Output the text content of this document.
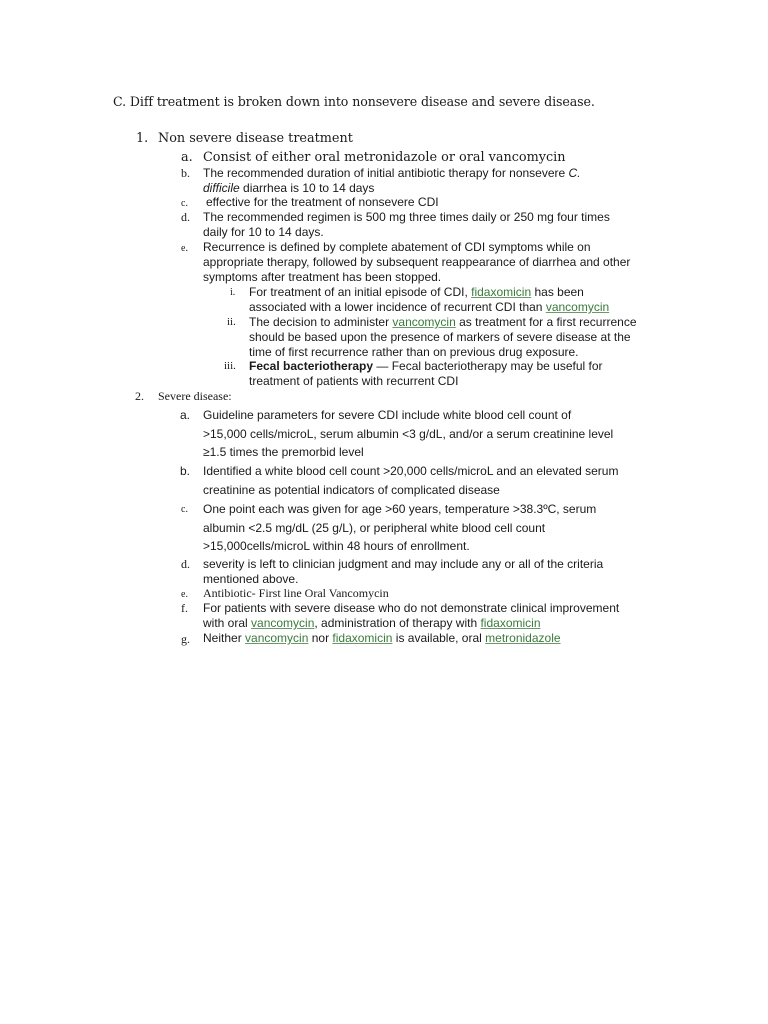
C. Diff treatment is broken down into nonsevere disease and severe disease.
1. Non severe disease treatment
a. Consist of either oral metronidazole or oral vancomycin
b. The recommended duration of initial antibiotic therapy for nonsevere C.
difficile diarrhea is 10 to 14 days
c. effective for the treatment of nonsevere CDI
d. The recommended regimen is 500 mg three times daily or 250 mg four times
daily for 10 to 14 days.
e. Recurrence is defined by complete abatement of CDI symptoms while on
appropriate therapy, followed by subsequent reappearance of diarrhea and other
symptoms after treatment has been stopped.
i. For treatment of an initial episode of CDI, fidaxomicin has been
associated with a lower incidence of recurrent CDI than vancomycin
ii. The decision to administer vancomycin as treatment for a first recurrence
should be based upon the presence of markers of severe disease at the
time of first recurrence rather than on previous drug exposure.
iii. Fecal bacteriotherapy — Fecal bacteriotherapy may be useful for
treatment of patients with recurrent CDI
2. Severe disease:
a. Guideline parameters for severe CDI include white blood cell count of
>15,000 cells/microL, serum albumin <3 g/dL, and/or a serum creatinine level
≥1.5 times the premorbid level
b. Identified a white blood cell count >20,000 cells/microL and an elevated serum
creatinine as potential indicators of complicated disease
c. One point each was given for age >60 years, temperature >38.3ºC, serum
albumin <2.5 mg/dL (25 g/L), or peripheral white blood cell count
>15,000cells/microL within 48 hours of enrollment.
d. severity is left to clinician judgment and may include any or all of the criteria
mentioned above.
e. Antibiotic- First line Oral Vancomycin
f. For patients with severe disease who do not demonstrate clinical improvement
with oral vancomycin, administration of therapy with fidaxomicin
g. Neither vancomycin nor fidaxomicin is available, oral metronidazole
